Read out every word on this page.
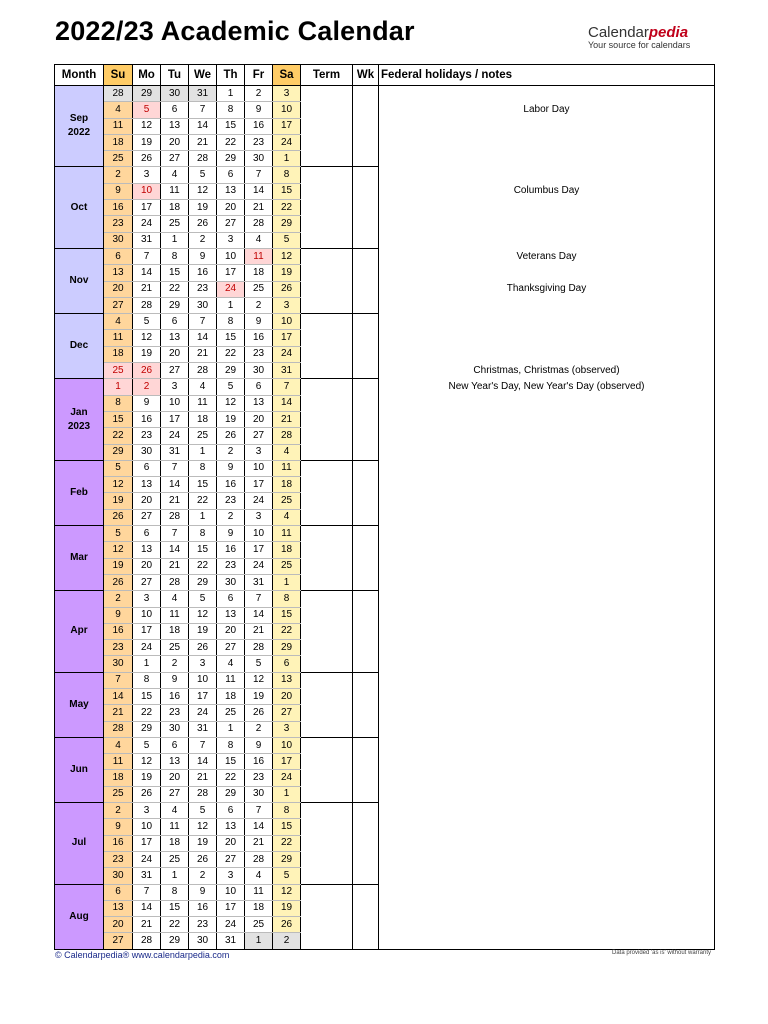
2022/23 Academic Calendar	Calendarpedia
Your source for calendars
Month	Su	Mo	Tu	We	Th	Fr	Sa	Term	Wk	Federal holidays / notes

Sep
2022	28	29	30	31	1	2	3			
	4	5	6	7	8	9	10			Labor Day
	11	12	13	14	15	16	17			
	18	19	20	21	22	23	24			
	25	26	27	28	29	30	1			

Oct	2	3	4	5	6	7	8			
	9	10	11	12	13	14	15			Columbus Day
	16	17	18	19	20	21	22			
	23	24	25	26	27	28	29			
	30	31	1	2	3	4	5			

Nov	6	7	8	9	10	11	12			Veterans Day
	13	14	15	16	17	18	19			
	20	21	22	23	24	25	26			Thanksgiving Day
	27	28	29	30	1	2	3			

Dec	4	5	6	7	8	9	10			
	11	12	13	14	15	16	17			
	18	19	20	21	22	23	24			
	25	26	27	28	29	30	31			Christmas, Christmas (observed)

Jan
2023	1	2	3	4	5	6	7			New Year's Day, New Year's Day (observed)
	8	9	10	11	12	13	14			
	15	16	17	18	19	20	21			
	22	23	24	25	26	27	28			
	29	30	31	1	2	3	4			

Feb	5	6	7	8	9	10	11			
	12	13	14	15	16	17	18			
	19	20	21	22	23	24	25			
	26	27	28	1	2	3	4			

Mar	5	6	7	8	9	10	11			
	12	13	14	15	16	17	18			
	19	20	21	22	23	24	25			
	26	27	28	29	30	31	1			

Apr	2	3	4	5	6	7	8			
	9	10	11	12	13	14	15			
	16	17	18	19	20	21	22			
	23	24	25	26	27	28	29			
	30	1	2	3	4	5	6			

May	7	8	9	10	11	12	13			
	14	15	16	17	18	19	20			
	21	22	23	24	25	26	27			
	28	29	30	31	1	2	3			

Jun	4	5	6	7	8	9	10			
	11	12	13	14	15	16	17			
	18	19	20	21	22	23	24			
	25	26	27	28	29	30	1			

Jul	2	3	4	5	6	7	8			
	9	10	11	12	13	14	15			
	16	17	18	19	20	21	22			
	23	24	25	26	27	28	29			
	30	31	1	2	3	4	5			

Aug	6	7	8	9	10	11	12			
	13	14	15	16	17	18	19			
	20	21	22	23	24	25	26			
	27	28	29	30	31	1	2			
© Calendarpedia® www.calendarpedia.com	Data provided 'as is' without warranty
